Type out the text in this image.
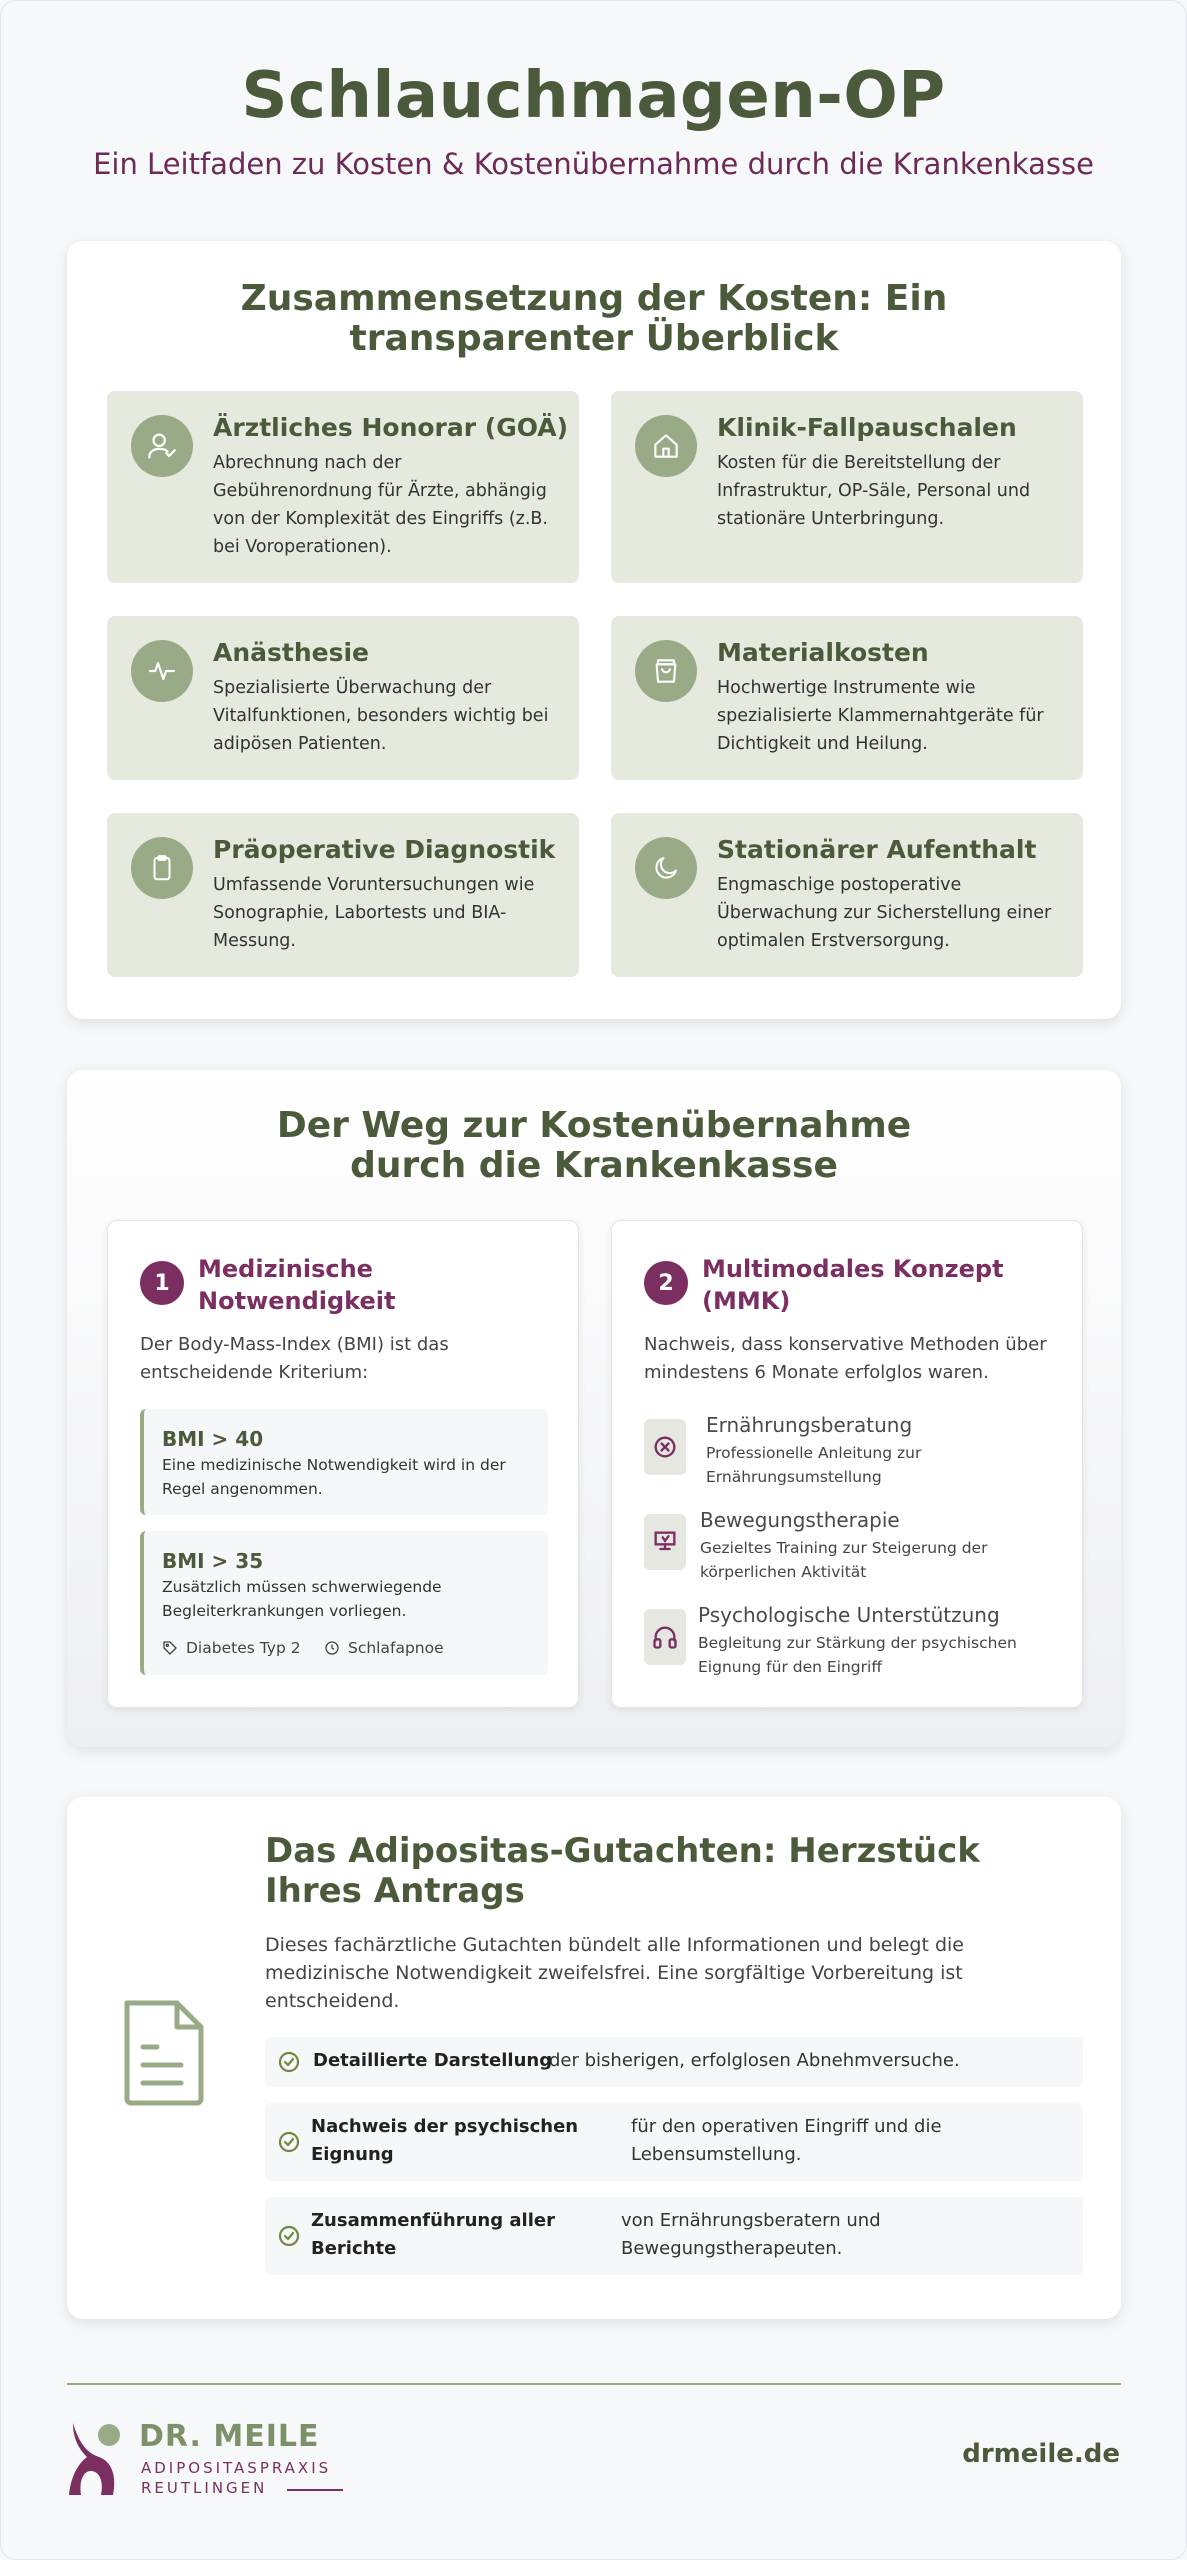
Schlauchmagen-OP
Ein Leitfaden zu Kosten & Kostenübernahme durch die Krankenkasse
Zusammensetzung der Kosten: Ein transparenter Überblick
Ärztliches Honorar (GOÄ)
Abrechnung nach der Gebührenordnung für Ärzte, abhängig von der Komplexität des Eingriffs (z.B. bei Voroperationen).
Klinik-Fallpauschalen
Kosten für die Bereitstellung der Infrastruktur, OP-Säle, Personal und stationäre Unterbringung.
Anästhesie
Spezialisierte Überwachung der Vitalfunktionen, besonders wichtig bei adipösen Patienten.
Materialkosten
Hochwertige Instrumente wie spezialisierte Klammernahtgeräte für Dichtigkeit und Heilung.
Präoperative Diagnostik
Umfassende Voruntersuchungen wie Sonographie, Labortests und BIA-Messung.
Stationärer Aufenthalt
Engmaschige postoperative Überwachung zur Sicherstellung einer optimalen Erstversorgung.
Der Weg zur Kostenübernahme durch die Krankenkasse
1	Medizinische
Notwendigkeit
Der Body-Mass-Index (BMI) ist das entscheidende Kriterium:
BMI > 40
Eine medizinische Notwendigkeit wird in der Regel angenommen.
BMI > 35
Zusätzlich müssen schwerwiegende Begleiterkrankungen vorliegen.
Diabetes Typ 2	Schlafapnoe
2	Multimodales Konzept
(MMK)
Nachweis, dass konservative Methoden über mindestens 6 Monate erfolglos waren.
Ernährungsberatung
Professionelle Anleitung zur Ernährungsumstellung
Bewegungstherapie
Gezieltes Training zur Steigerung der körperlichen Aktivität
Psychologische Unterstützung
Begleitung zur Stärkung der psychischen Eignung für den Eingriff
Das Adipositas-Gutachten: Herzstück Ihres Antrags
Dieses fachärztliche Gutachten bündelt alle Informationen und belegt die medizinische Notwendigkeit zweifelsfrei. Eine sorgfältige Vorbereitung ist entscheidend.
Detaillierte Darstellung
der bisherigen, erfolglosen Abnehmversuche.
Nachweis der psychischen Eignung
für den operativen Eingriff und die Lebensumstellung.
Zusammenführung aller Berichte
von Ernährungsberatern und Bewegungstherapeuten.
DR. MEILE
ADIPOSITASPRAXIS
REUTLINGEN
drmeile.de
